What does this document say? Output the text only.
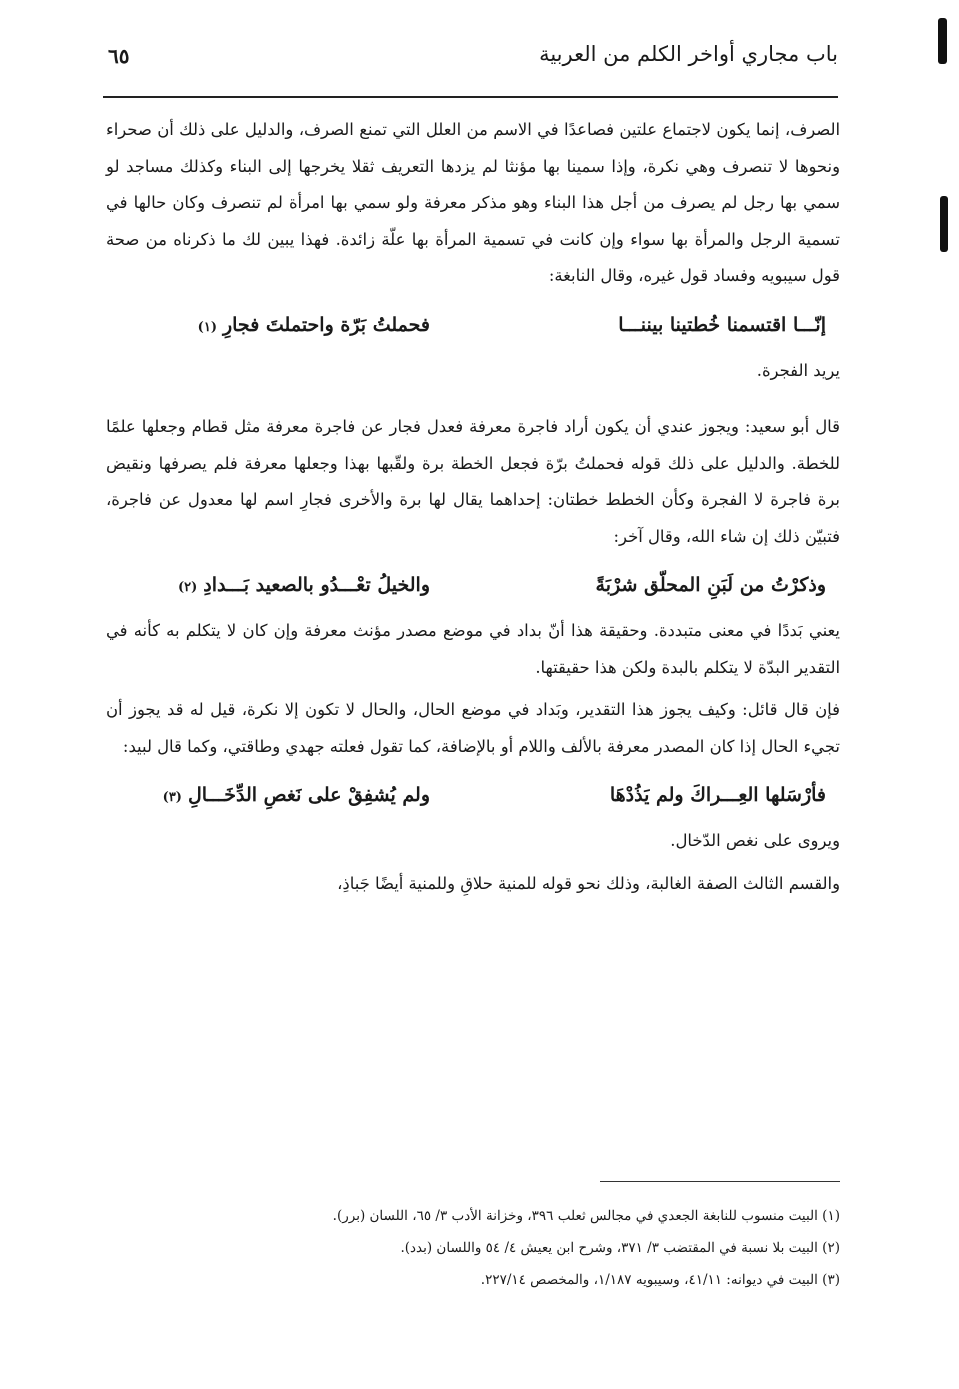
باب مجاري أواخر الكلم من العربية
٦٥

الصرف، إنما يكون لاجتماع علتين فصاعدًا في الاسم من العلل التي تمنع الصرف، والدليل على ذلك أن صحراء ونحوها لا تنصرف وهي نكرة، وإذا سمينا بها مؤنثا لم يزدها التعريف ثقلا يخرجها إلى البناء وكذلك مساجد لو سمي بها رجل لم يصرف من أجل هذا البناء وهو مذكر معرفة ولو سمي بها امرأة لم تنصرف وكان حالها في تسمية الرجل والمرأة بها سواء وإن كانت في تسمية المرأة بها علّة زائدة. فهذا يبين لك ما ذكرناه من صحة قول سيبويه وفساد قول غيره، وقال النابغة:

إنّـــا اقتسمنا خُطتينا بيننـــا
فحملتُ بَرّة واحتملتَ فجارِ(١)

يريد الفجرة.

قال أبو سعيد: ويجوز عندي أن يكون أراد فاجرة معرفة فعدل فجار عن فاجرة معرفة مثل قطام وجعلها علمًا للخطة. والدليل على ذلك قوله فحملتُ برّة فجعل الخطة برة ولقّبها بهذا وجعلها معرفة فلم يصرفها ونقيض برة فاجرة لا الفجرة وكأن الخطط خطتان: إحداهما يقال لها برة والأخرى فجارِ اسم لها معدول عن فاجرة، فتبيّن ذلك إن شاء الله، وقال آخر:

وذكرْتُ من لَبَنِ المحلّق شرْبَةً
والخيلُ تعْـــدُو بالصعيد بَـــدادِ(٢)

يعني بَددًا في معنى متبددة. وحقيقة هذا أنّ بداد في موضع مصدر مؤنث معرفة وإن كان لا يتكلم به كأنه في التقدير البدّة لا يتكلم بالبدة ولكن هذا حقيقتها.

فإن قال قائل: وكيف يجوز هذا التقدير، وبَداد في موضع الحال، والحال لا تكون إلا نكرة، قيل له قد يجوز أن تجيء الحال إذا كان المصدر معرفة بالألف واللام أو بالإضافة، كما تقول فعلته جهدي وطاقتي، وكما قال لبيد:

فأرْسَلها العِـــراكَ ولم يَذُدْهَا
ولم يُشفِقْ على نَغصِ الدِّخَـــالِ(٣)

ويروى على نغص الدّخال.

والقسم الثالث الصفة الغالبة، وذلك نحو قوله للمنية حلاقِ وللمنية أيضًا جَباذِ،

(١) البيت منسوب للنابغة الجعدي في مجالس ثعلب ٣٩٦، وخزانة الأدب ٣/ ٦٥، اللسان (برر).

(٢) البيت بلا نسبة في المقتضب ٣/ ٣٧١، وشرح ابن يعيش ٤/ ٥٤ واللسان (بدد).

(٣) البيت في ديوانه: ٤١/١١، وسيبويه ١/١٨٧، والمخصص ٢٢٧/١٤.
